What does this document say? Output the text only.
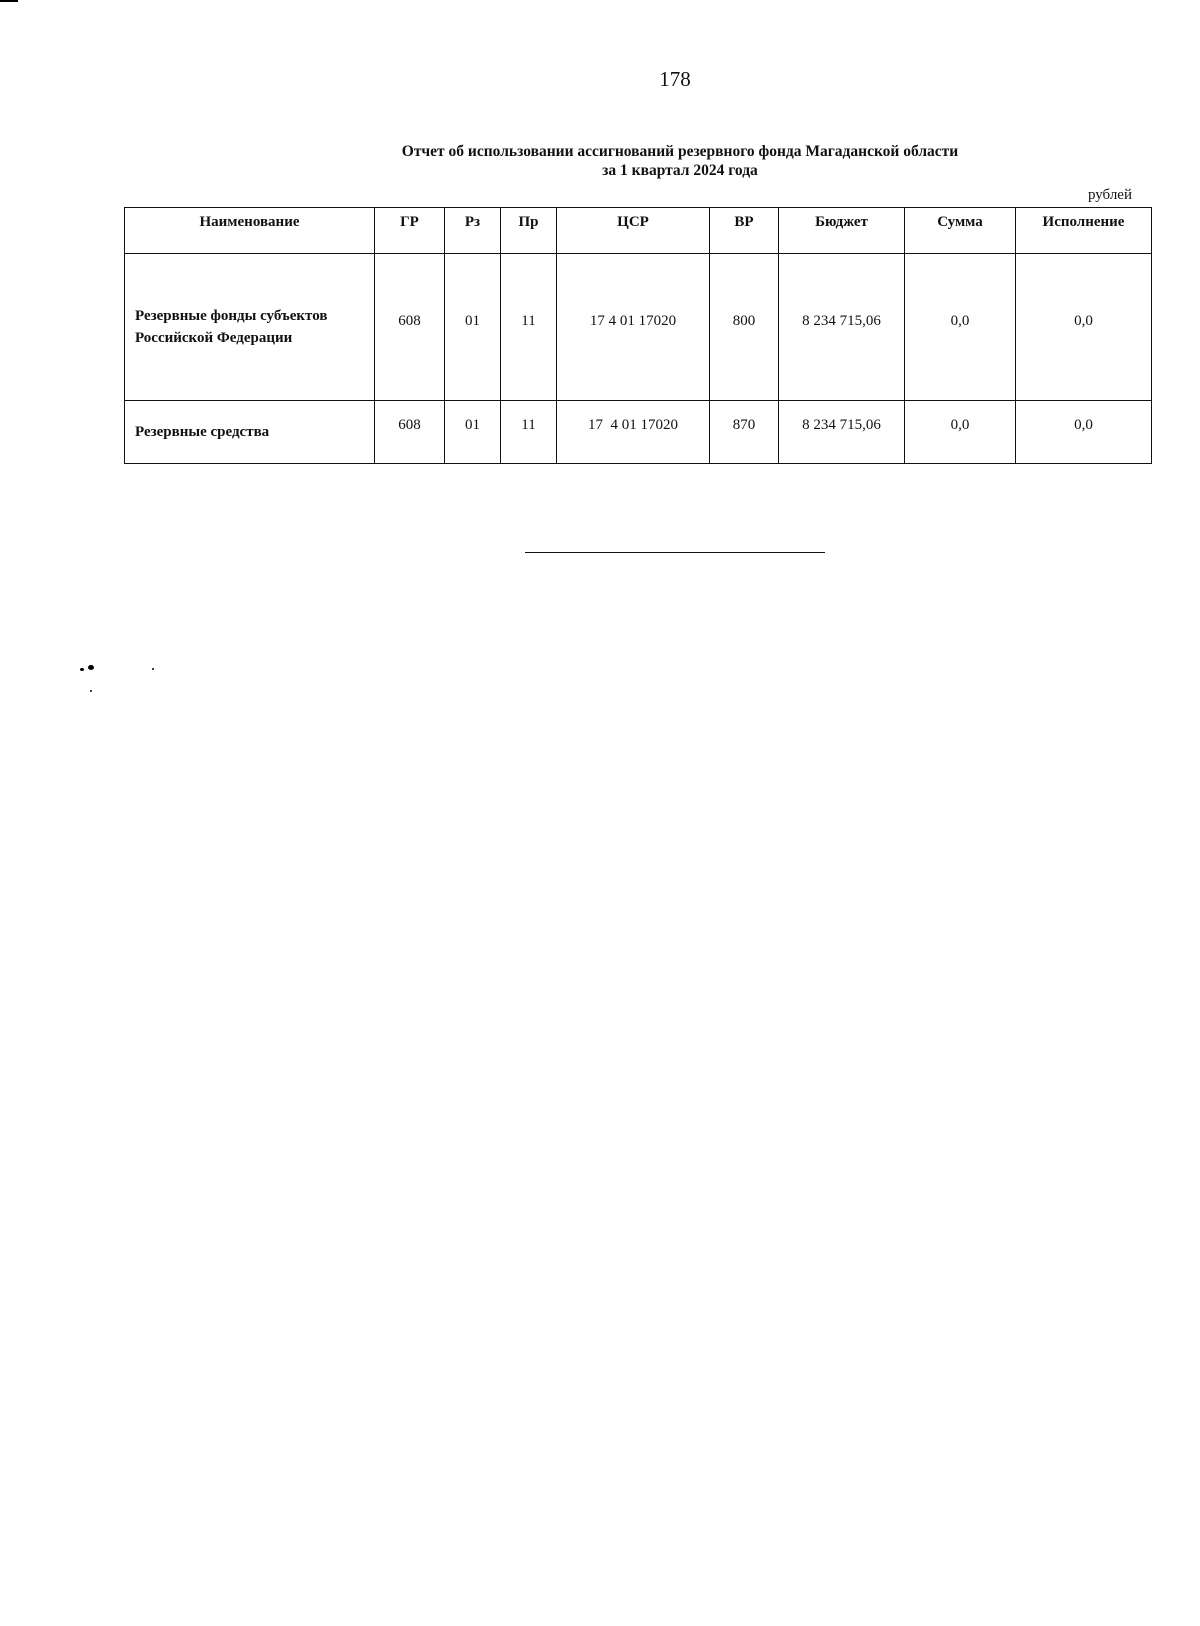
178
Отчет об использовании ассигнований резервного фонда Магаданской области
за 1 квартал 2024 года
рублей
Наименование	ГР	Рз	Пр	ЦСР	ВР	Бюджет	Сумма	Исполнение
Резервные фонды субъектов Российской Федерации	608	01	11	17 4 01 17020	800	8 234 715,06	0,0	0,0
Резервные средства	608	01	11	17  4 01 17020	870	8 234 715,06	0,0	0,0
